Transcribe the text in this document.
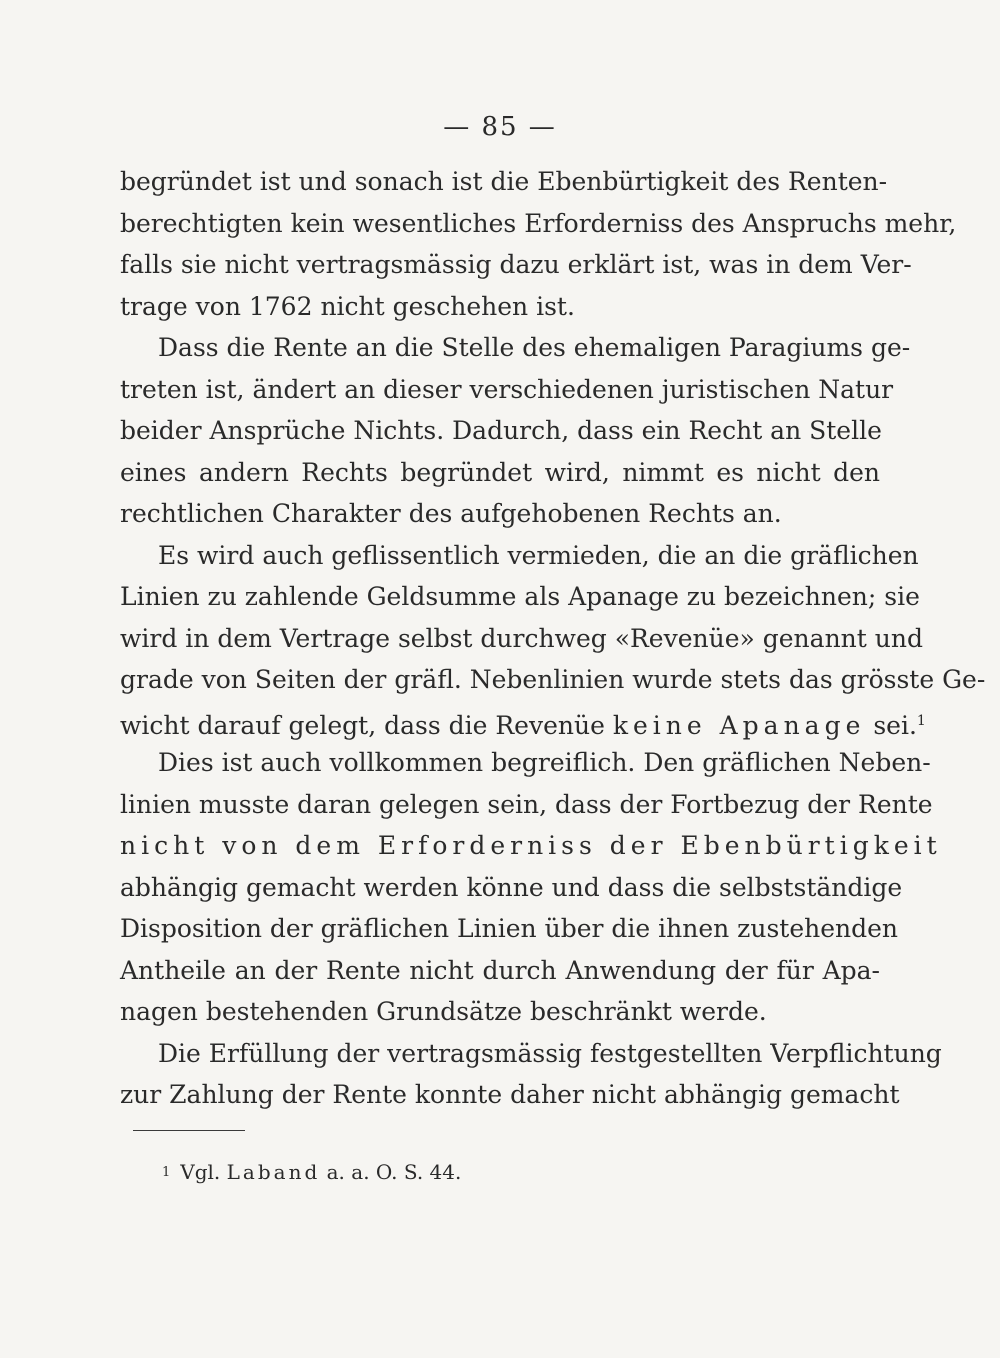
— 85 —
begründet ist und sonach ist die Ebenbürtigkeit des Renten-
berechtigten kein wesentliches Erforderniss des Anspruchs mehr,
falls sie nicht vertragsmässig dazu erklärt ist, was in dem Ver-
trage von 1762 nicht geschehen ist.
Dass die Rente an die Stelle des ehemaligen Paragiums ge-
treten ist, ändert an dieser verschiedenen juristischen Natur
beider Ansprüche Nichts. Dadurch, dass ein Recht an Stelle
eines andern Rechts begründet wird, nimmt es nicht den
rechtlichen Charakter des aufgehobenen Rechts an.
Es wird auch geflissentlich vermieden, die an die gräflichen
Linien zu zahlende Geldsumme als Apanage zu bezeichnen; sie
wird in dem Vertrage selbst durchweg «Revenüe» genannt und
grade von Seiten der gräfl. Nebenlinien wurde stets das grösste Ge-
wicht darauf gelegt, dass die Revenüe keine Apanage sei.$^1$
Dies ist auch vollkommen begreiflich. Den gräflichen Neben-
linien musste daran gelegen sein, dass der Fortbezug der Rente
nicht von dem Erforderniss der Ebenbürtigkeit
abhängig gemacht werden könne und dass die selbstständige
Disposition der gräflichen Linien über die ihnen zustehenden
Antheile an der Rente nicht durch Anwendung der für Apa-
nagen bestehenden Grundsätze beschränkt werde.
Die Erfüllung der vertragsmässig festgestellten Verpflichtung
zur Zahlung der Rente konnte daher nicht abhängig gemacht
1 Vgl. Laband a. a. O. S. 44.
